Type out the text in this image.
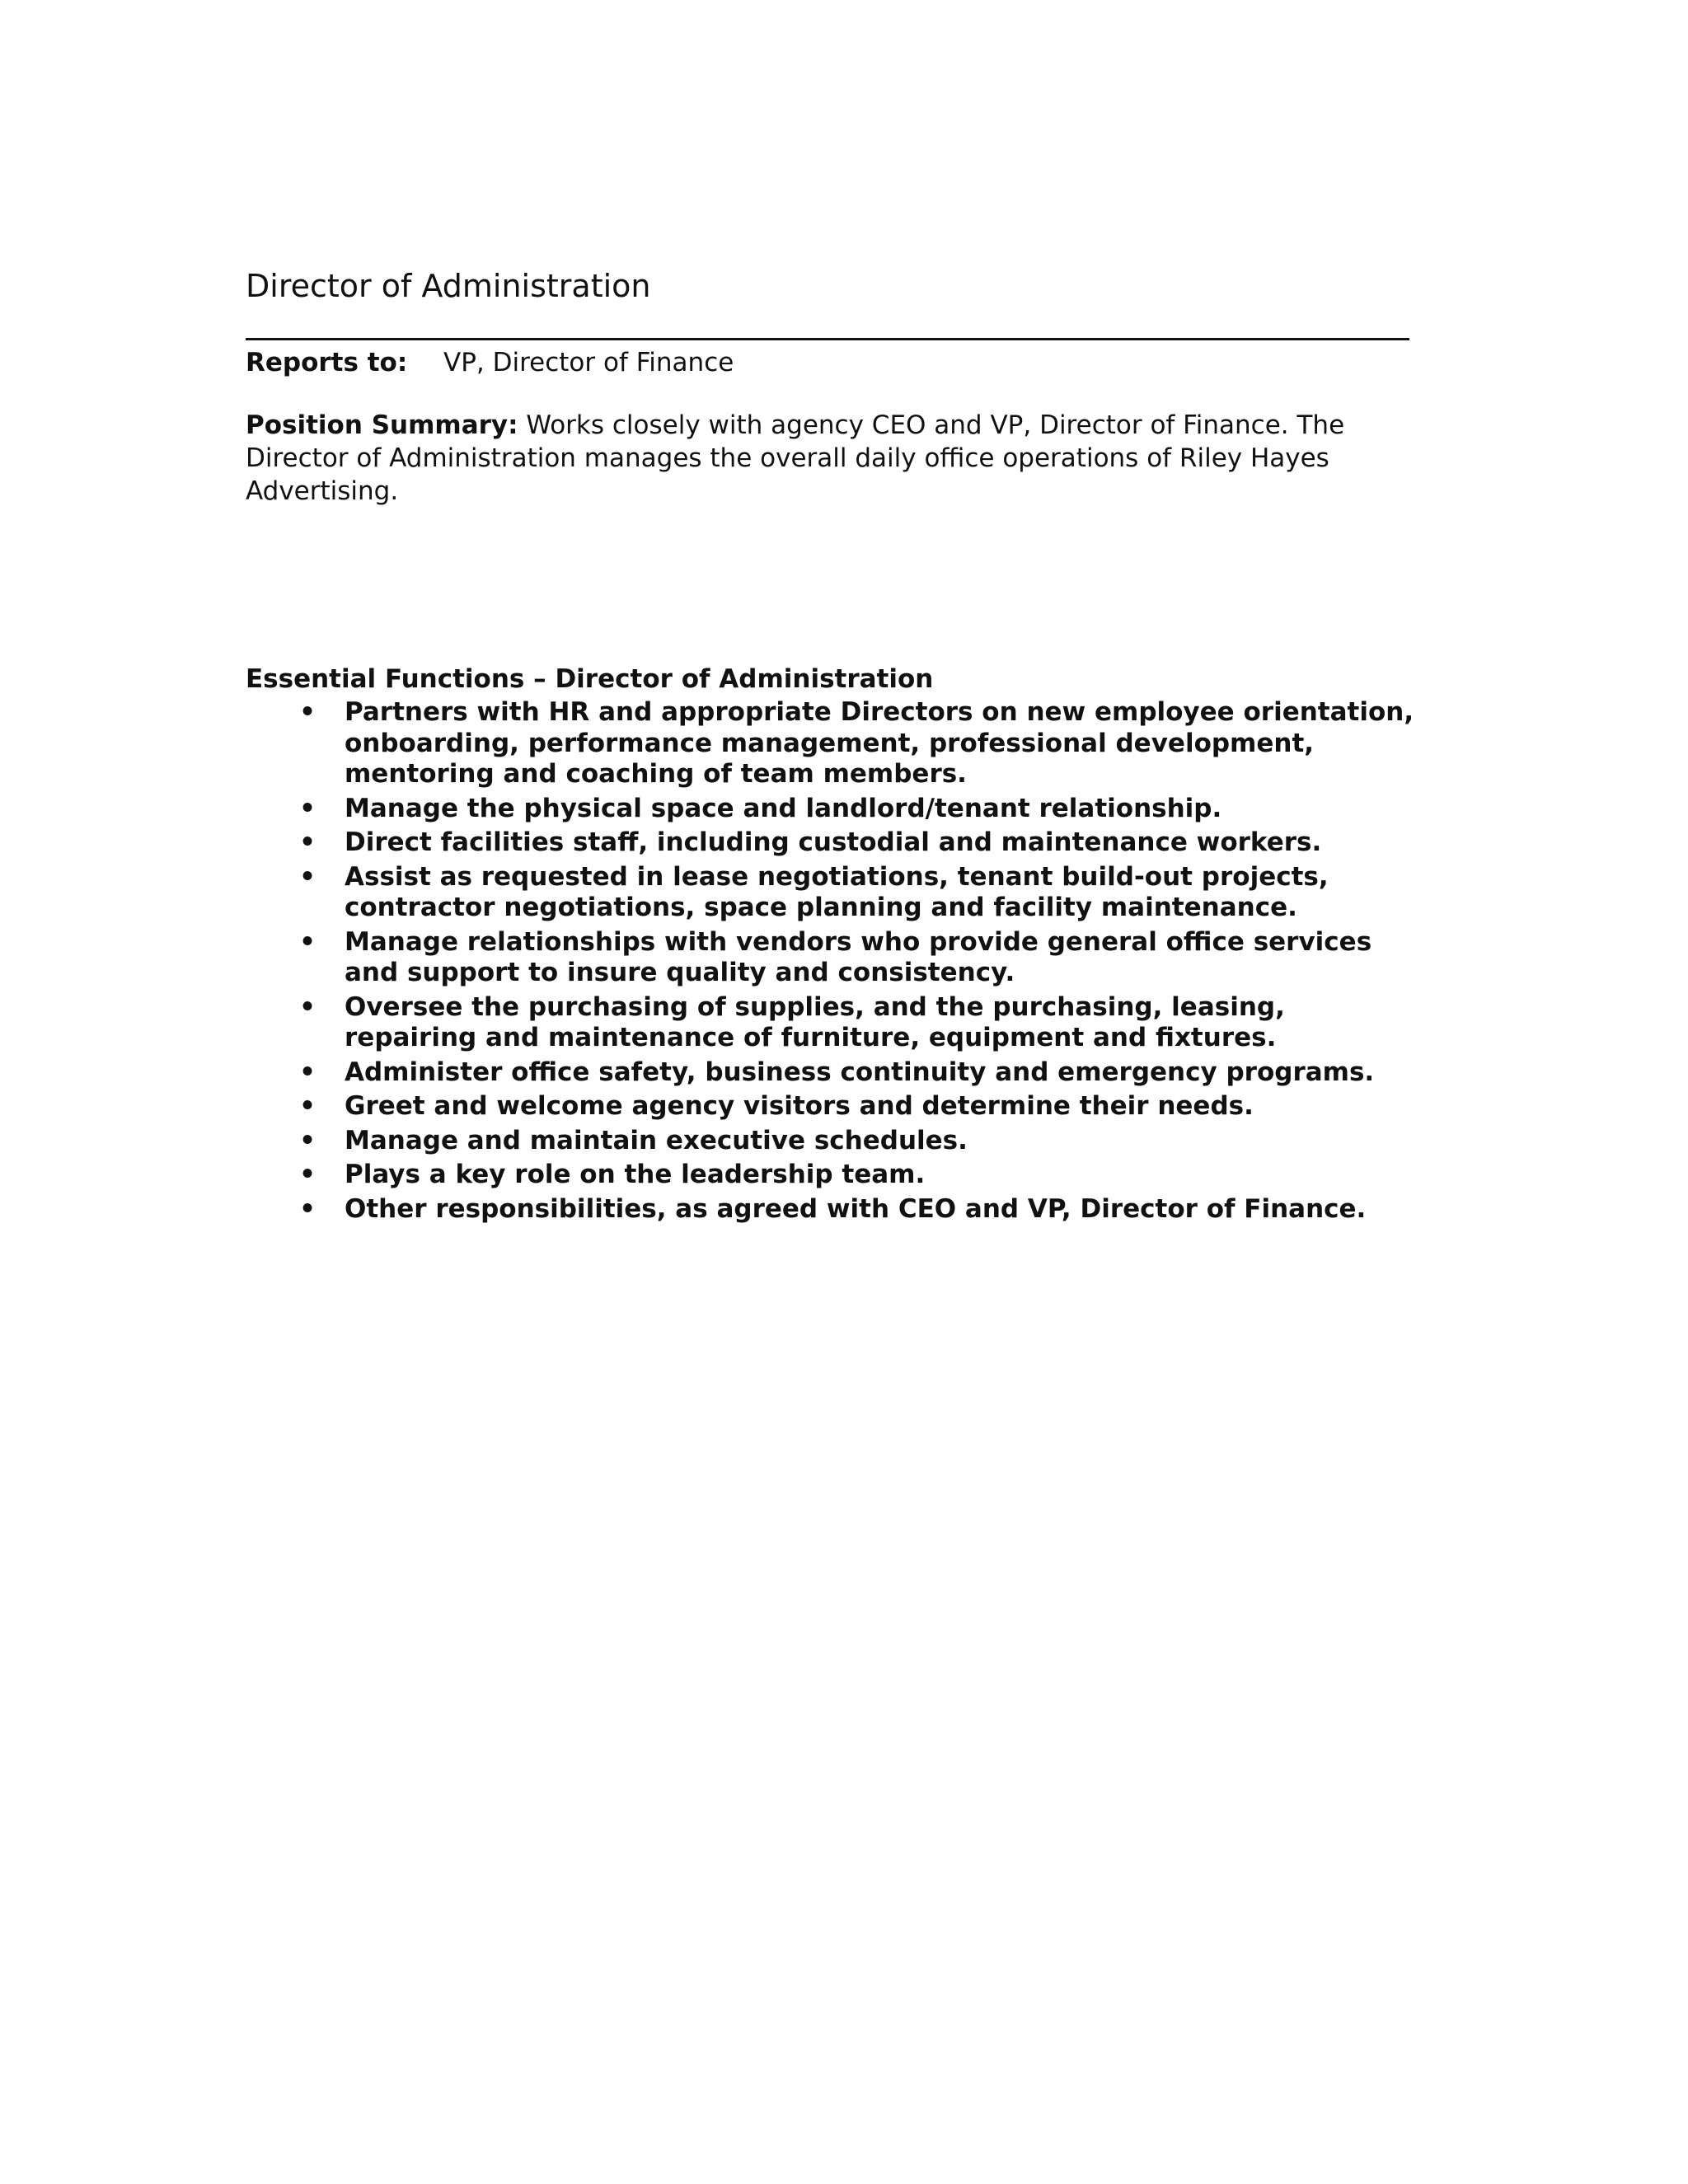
Director of Administration
Reports to: VP, Director of Finance
Position Summary: Works closely with agency CEO and VP, Director of Finance. The Director of Administration manages the overall daily office operations of Riley Hayes Advertising.
Essential Functions – Director of Administration
• Partners with HR and appropriate Directors on new employee orientation, onboarding, performance management, professional development, mentoring and coaching of team members.
• Manage the physical space and landlord/tenant relationship.
• Direct facilities staff, including custodial and maintenance workers.
• Assist as requested in lease negotiations, tenant build-out projects, contractor negotiations, space planning and facility maintenance.
• Manage relationships with vendors who provide general office services and support to insure quality and consistency.
• Oversee the purchasing of supplies, and the purchasing, leasing, repairing and maintenance of furniture, equipment and fixtures.
• Administer office safety, business continuity and emergency programs.
• Greet and welcome agency visitors and determine their needs.
• Manage and maintain executive schedules.
• Plays a key role on the leadership team.
• Other responsibilities, as agreed with CEO and VP, Director of Finance.
